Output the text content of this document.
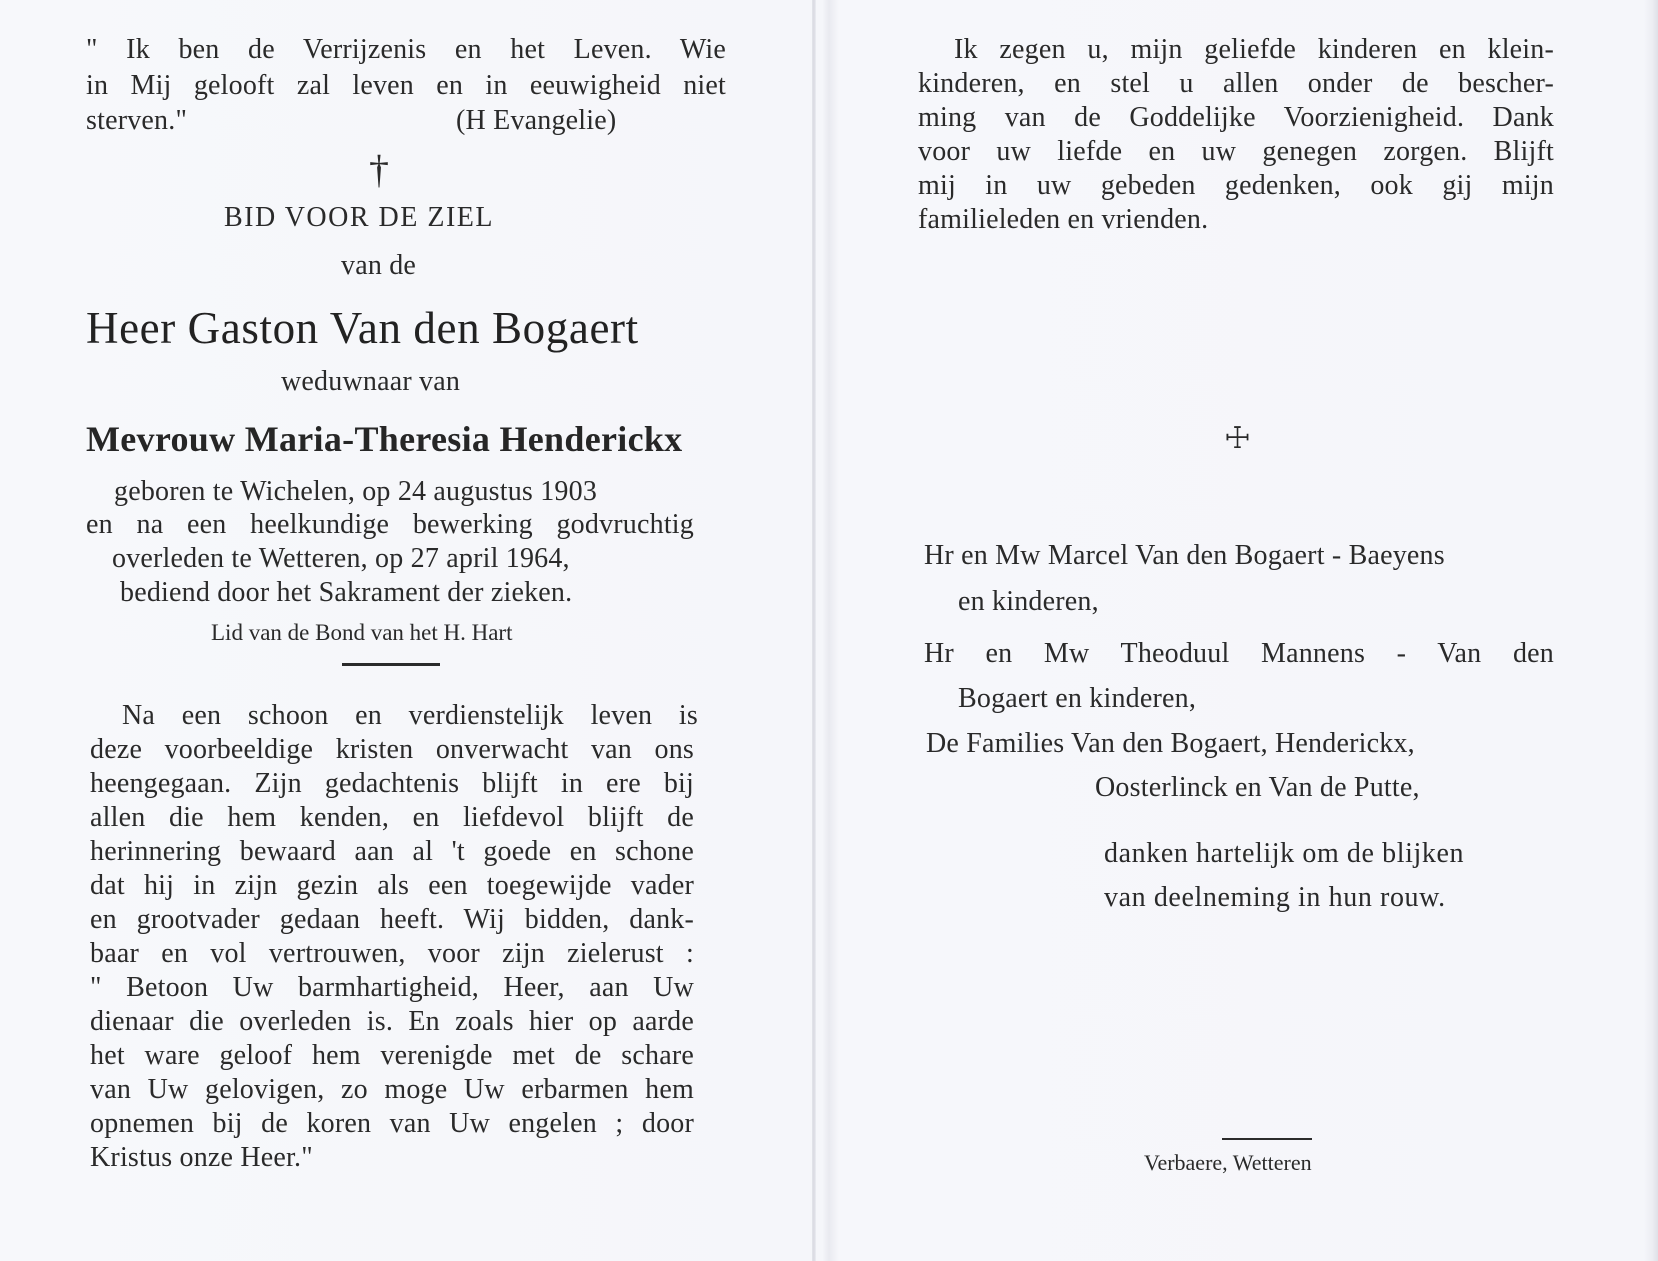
" Ik ben de Verrijzenis en het Leven. Wie
in Mij gelooft zal leven en in eeuwigheid niet
sterven."	(H Evangelie)
†
BID VOOR DE ZIEL
van de
Heer Gaston Van den Bogaert
weduwnaar van
Mevrouw Maria-Theresia Henderickx
geboren te Wichelen, op 24 augustus 1903
en na een heelkundige bewerking godvruchtig
overleden te Wetteren, op 27 april 1964,
bediend door het Sakrament der zieken.
Lid van de Bond van het H. Hart
Na een schoon en verdienstelijk leven is
deze voorbeeldige kristen onverwacht van ons
heengegaan. Zijn gedachtenis blijft in ere bij
allen die hem kenden, en liefdevol blijft de
herinnering bewaard aan al 't goede en schone
dat hij in zijn gezin als een toegewijde vader
en grootvader gedaan heeft. Wij bidden, dank-
baar en vol vertrouwen, voor zijn zielerust :
" Betoon Uw barmhartigheid, Heer, aan Uw
dienaar die overleden is. En zoals hier op aarde
het ware geloof hem verenigde met de schare
van Uw gelovigen, zo moge Uw erbarmen hem
opnemen bij de koren van Uw engelen ; door
Kristus onze Heer."
Ik zegen u, mijn geliefde kinderen en klein-
kinderen, en stel u allen onder de bescher-
ming van de Goddelijke Voorzienigheid. Dank
voor uw liefde en uw genegen zorgen. Blijft
mij in uw gebeden gedenken, ook gij mijn
familieleden en vrienden.
☩
Hr en Mw Marcel Van den Bogaert - Baeyens
en kinderen,
Hr en Mw Theoduul Mannens - Van den
Bogaert en kinderen,
De Families Van den Bogaert, Henderickx,
Oosterlinck en Van de Putte,
danken hartelijk om de blijken
van deelneming in hun rouw.
Verbaere, Wetteren
